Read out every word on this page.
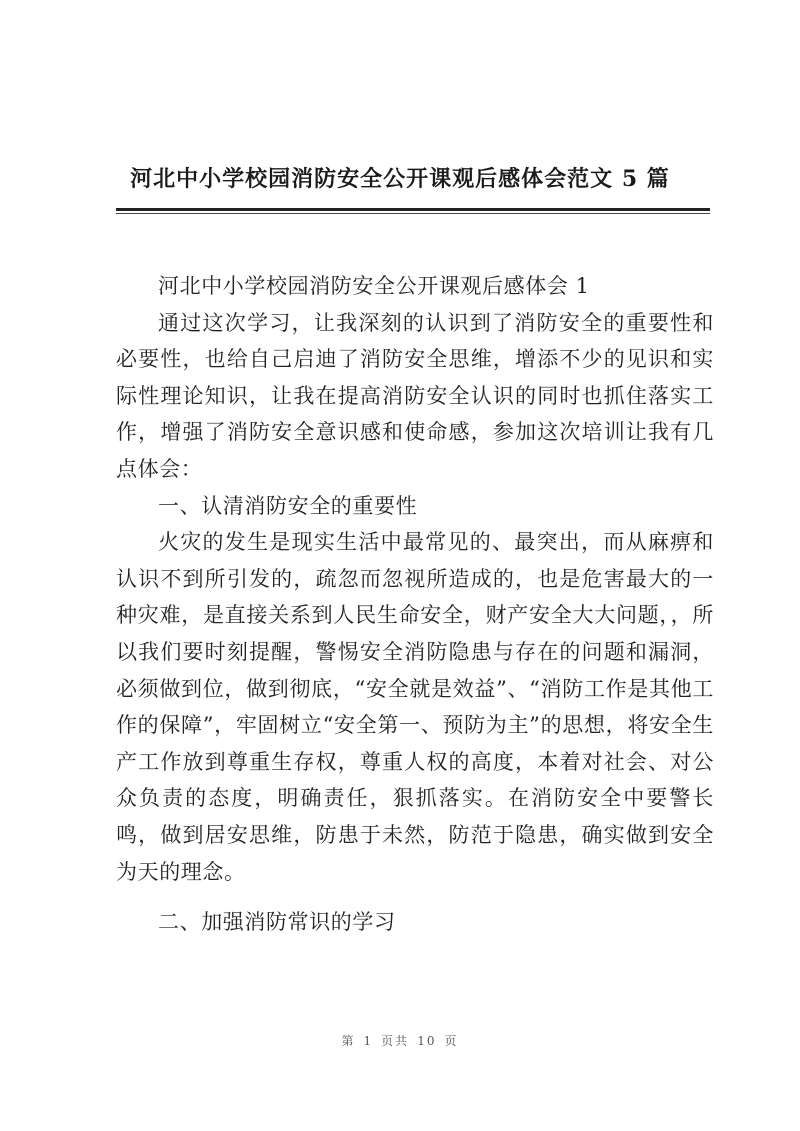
河北中小学校园消防安全公开课观后感体会范文 5 篇

河北中小学校园消防安全公开课观后感体会 1

通过这次学习，让我深刻的认识到了消防安全的重要性和必要性，也给自己启迪了消防安全思维，增添不少的见识和实际性理论知识，让我在提高消防安全认识的同时也抓住落实工作，增强了消防安全意识感和使命感，参加这次培训让我有几点体会：

一、认清消防安全的重要性

火灾的发生是现实生活中最常见的、最突出，而从麻痹和认识不到所引发的，疏忽而忽视所造成的，也是危害最大的一种灾难，是直接关系到人民生命安全，财产安全大大问题，，所以我们要时刻提醒，警惕安全消防隐患与存在的问题和漏洞，必须做到位，做到彻底，“安全就是效益”、“消防工作是其他工作的保障”，牢固树立“安全第一、预防为主”的思想，将安全生产工作放到尊重生存权，尊重人权的高度，本着对社会、对公众负责的态度，明确责任，狠抓落实。在消防安全中要警长鸣，做到居安思维，防患于未然，防范于隐患，确实做到安全为天的理念。

二、加强消防常识的学习

第 1 页共 10 页
